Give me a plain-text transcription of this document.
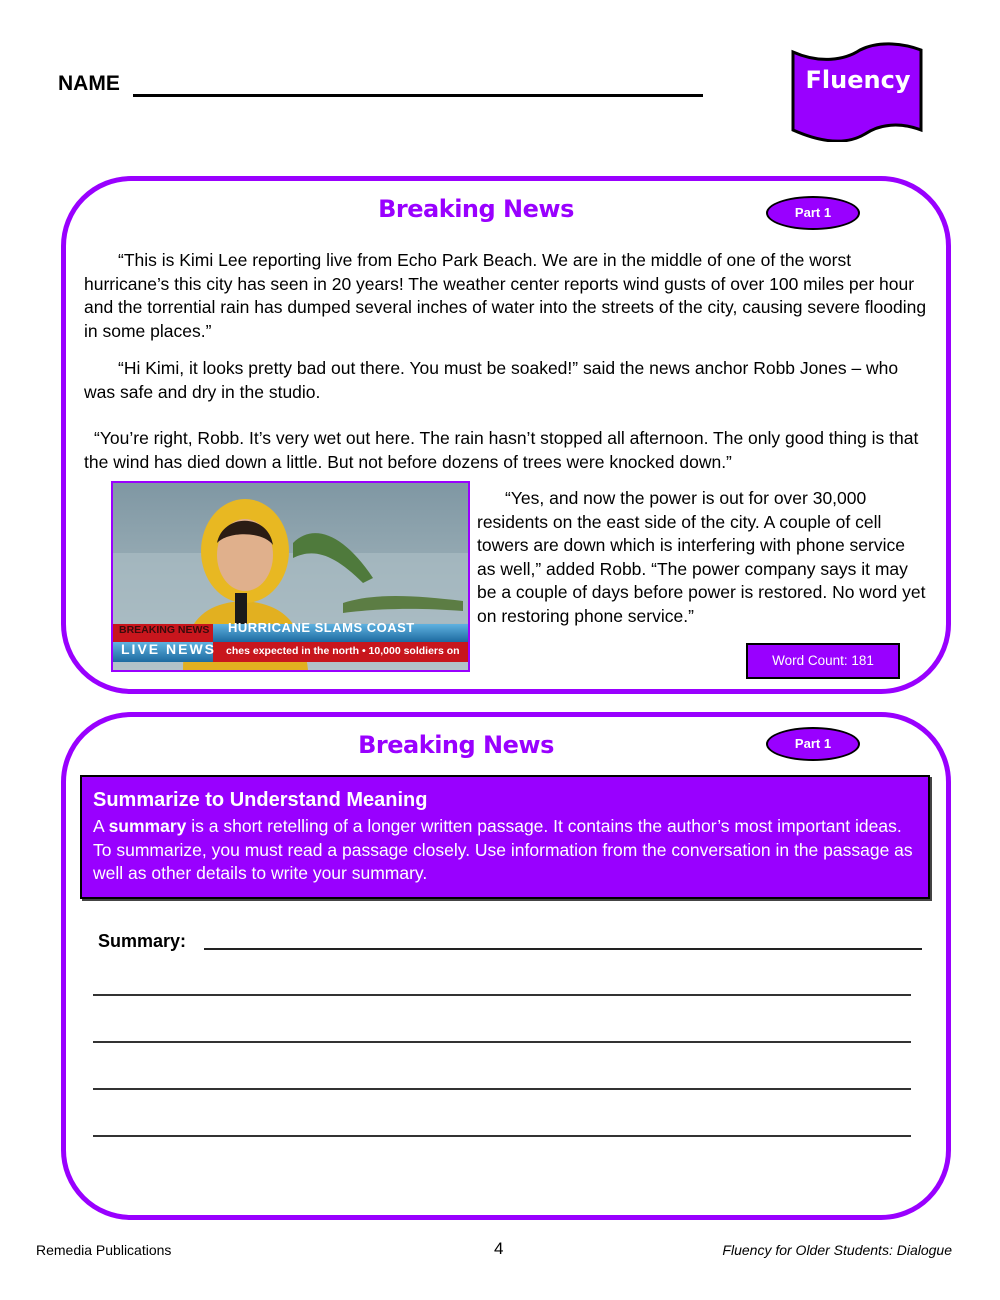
NAME	Fluency
Breaking News	Part 1
“This is Kimi Lee reporting live from Echo Park Beach. We are in the middle of one of the worst hurricane’s this city has seen in 20 years! The weather center reports wind gusts of over 100 miles per hour and the torrential rain has dumped several inches of water into the streets of the city, causing severe flooding in some places.”
“Hi Kimi, it looks pretty bad out there. You must be soaked!” said the news anchor Robb Jones – who was safe and dry in the studio.
“You’re right, Robb. It’s very wet out here. The rain hasn’t stopped all afternoon. The only good thing is that the wind has died down a little. But not before dozens of trees were knocked down.”
BREAKING NEWS HURRICANE SLAMS COAST
LIVE NEWS ches expected in the north • 10,000 soldiers on
“Yes, and now the power is out for over 30,000 residents on the east side of the city. A couple of cell towers are down which is interfering with phone service as well,” added Robb. “The power company says it may be a couple of days before power is restored. No word yet on restoring phone service.”
Word Count: 181
Breaking News	Part 1
Summarize to Understand Meaning
A summary is a short retelling of a longer written passage. It contains the author’s most important ideas. To summarize, you must read a passage closely. Use information from the conversation in the passage as well as other details to write your summary.
Summary:
Remedia Publications	4	Fluency for Older Students: Dialogue
